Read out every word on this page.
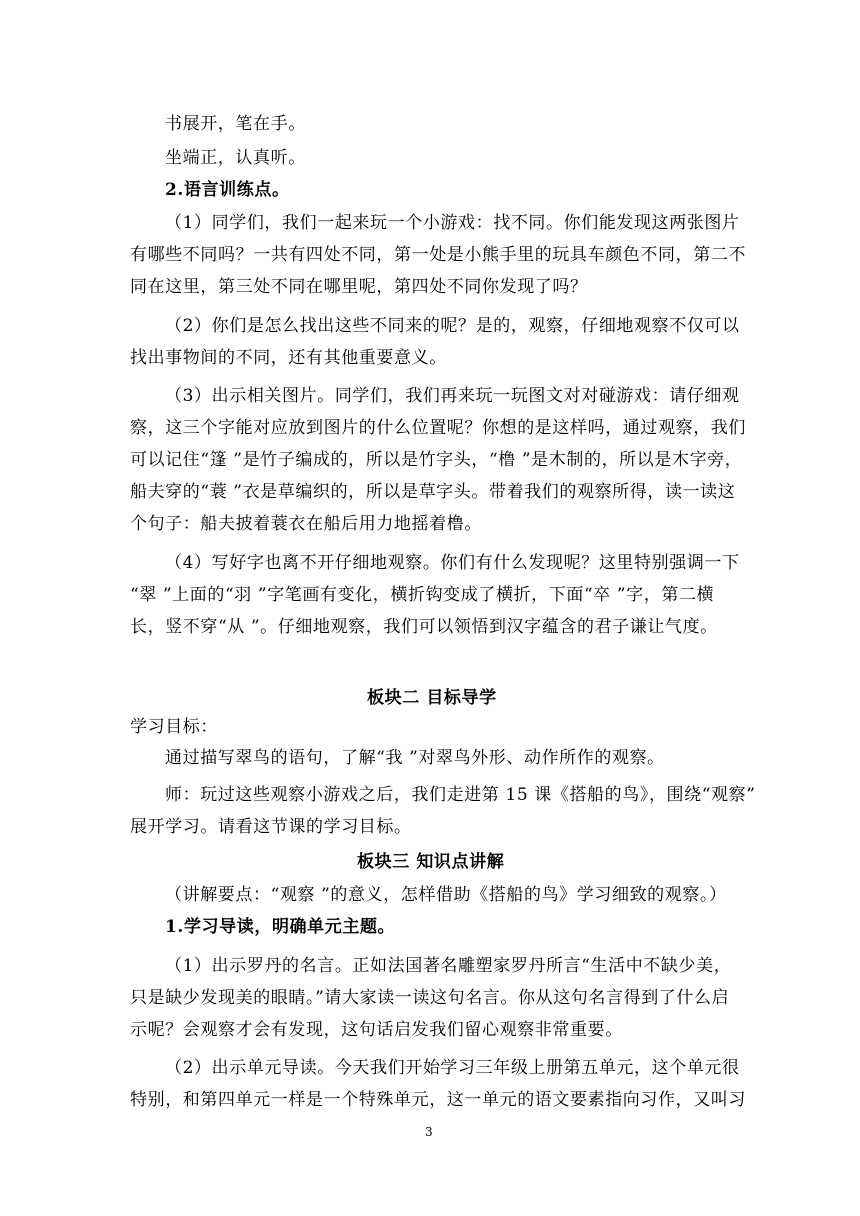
书展开，笔在手。

坐端正，认真听。

2.语言训练点。

（1）同学们，我们一起来玩一个小游戏：找不同。你们能发现这两张图片

有哪些不同吗？一共有四处不同，第一处是小熊手里的玩具车颜色不同，第二不

同在这里，第三处不同在哪里呢，第四处不同你发现了吗？

（2）你们是怎么找出这些不同来的呢？是的，观察，仔细地观察不仅可以

找出事物间的不同，还有其他重要意义。

（3）出示相关图片。同学们，我们再来玩一玩图文对对碰游戏：请仔细观

察，这三个字能对应放到图片的什么位置呢？你想的是这样吗，通过观察，我们

可以记住“篷 ”是竹子编成的，所以是竹字头，“橹 ”是木制的，所以是木字旁，

船夫穿的“蓑 ”衣是草编织的，所以是草字头。带着我们的观察所得，读一读这

个句子：船夫披着蓑衣在船后用力地摇着橹。

（4）写好字也离不开仔细地观察。你们有什么发现呢？这里特别强调一下

“翠 ”上面的“羽 ”字笔画有变化，横折钩变成了横折，下面“卒 ”字，第二横

长，竖不穿“从 ”。仔细地观察，我们可以领悟到汉字蕴含的君子谦让气度。

板块二 目标导学

学习目标：

通过描写翠鸟的语句，了解“我 ”对翠鸟外形、动作所作的观察。

师：玩过这些观察小游戏之后，我们走进第 15 课《搭船的鸟》，围绕“观察”

展开学习。请看这节课的学习目标。

板块三 知识点讲解

（讲解要点：“观察 ”的意义，怎样借助《搭船的鸟》学习细致的观察。）

1.学习导读，明确单元主题。

（1）出示罗丹的名言。正如法国著名雕塑家罗丹所言“生活中不缺少美，

只是缺少发现美的眼睛。”请大家读一读这句名言。你从这句名言得到了什么启

示呢？会观察才会有发现，这句话启发我们留心观察非常重要。

（2）出示单元导读。今天我们开始学习三年级上册第五单元，这个单元很

特别，和第四单元一样是一个特殊单元，这一单元的语文要素指向习作，又叫习

3
